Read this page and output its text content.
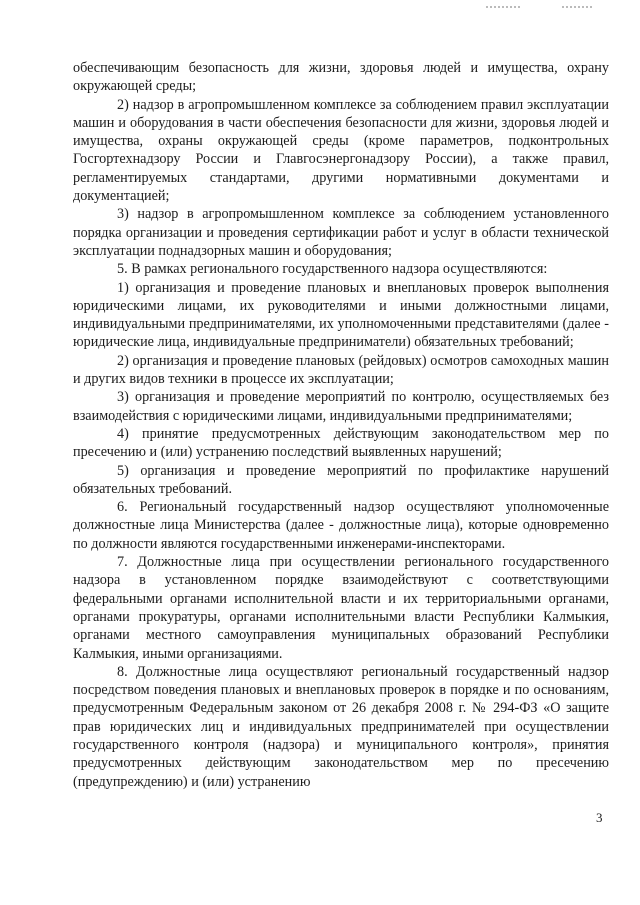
обеспечивающим безопасность для жизни, здоровья людей и имущества, охрану окружающей среды;

2) надзор в агропромышленном комплексе за соблюдением правил эксплуатации машин и оборудования в части обеспечения безопасности для жизни, здоровья людей и имущества, охраны окружающей среды (кроме параметров, подконтрольных Госгортехнадзору России и Главгосэнергонадзору России), а также правил, регламентируемых стандартами, другими нормативными документами и документацией;

3) надзор в агропромышленном комплексе за соблюдением установленного порядка организации и проведения сертификации работ и услуг в области технической эксплуатации поднадзорных машин и оборудования;

5. В рамках регионального государственного надзора осуществляются:

1) организация и проведение плановых и внеплановых проверок выполнения юридическими лицами, их руководителями и иными должностными лицами, индивидуальными предпринимателями, их уполномоченными представителями (далее - юридические лица, индивидуальные предприниматели) обязательных требований;

2) организация и проведение плановых (рейдовых) осмотров самоходных машин и других видов техники в процессе их эксплуатации;

3) организация и проведение мероприятий по контролю, осуществляемых без взаимодействия с юридическими лицами, индивидуальными предпринимателями;

4) принятие предусмотренных действующим законодательством мер по пресечению и (или) устранению последствий выявленных нарушений;

5) организация и проведение мероприятий по профилактике нарушений обязательных требований.

6. Региональный государственный надзор осуществляют уполномоченные должностные лица Министерства (далее - должностные лица), которые одновременно по должности являются государственными инженерами-инспекторами.

7. Должностные лица при осуществлении регионального государственного надзора в установленном порядке взаимодействуют с соответствующими федеральными органами исполнительной власти и их территориальными органами, органами прокуратуры, органами исполнительными власти Республики Калмыкия, органами местного самоуправления муниципальных образований Республики Калмыкия, иными организациями.

8. Должностные лица осуществляют региональный государственный надзор посредством поведения плановых и внеплановых проверок в порядке и по основаниям, предусмотренным Федеральным законом от 26 декабря 2008 г. № 294-ФЗ «О защите прав юридических лиц и индивидуальных предпринимателей при осуществлении государственного контроля (надзора) и муниципального контроля», принятия предусмотренных действующим законодательством мер по пресечению (предупреждению) и (или) устранению

3
